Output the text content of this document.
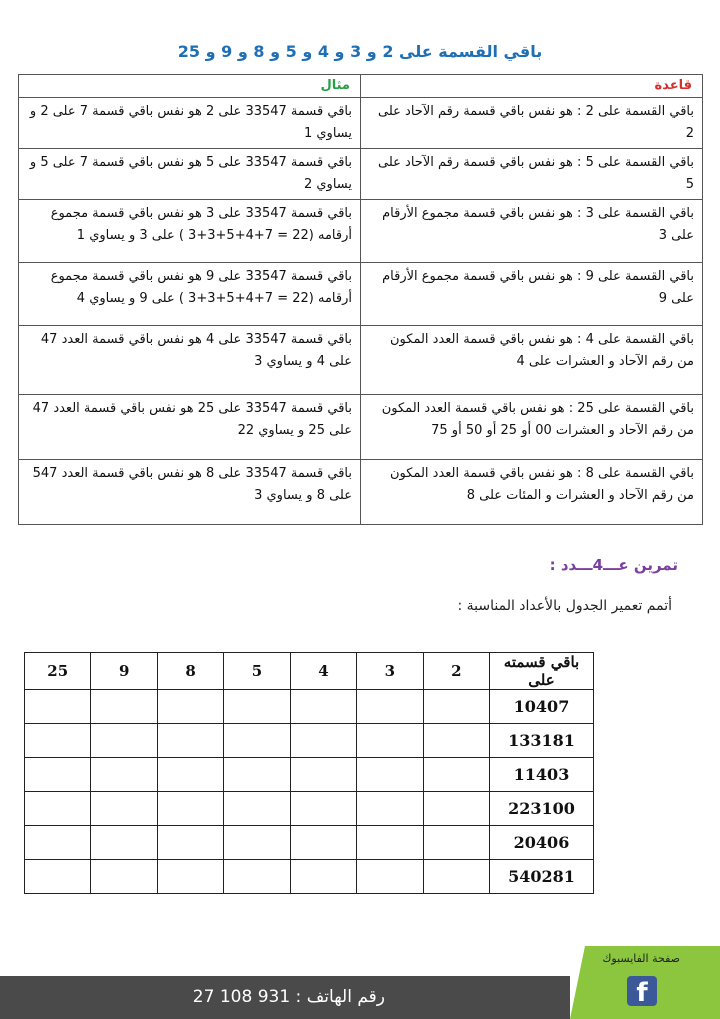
باقي القسمة على 2 و 3 و 4 و 5 و 8 و 9 و 25
قاعدة	مثال
باقي القسمة على 2 : هو نفس باقي قسمة رقم الآحاد على 2	باقي قسمة 33547 على 2 هو نفس باقي قسمة 7 على 2 و يساوي 1
باقي القسمة على 5 : هو نفس باقي قسمة رقم الآحاد على 5	باقي قسمة 33547 على 5 هو نفس باقي قسمة 7 على 5 و يساوي 2
باقي القسمة على 3 : هو نفس باقي قسمة مجموع الأرقام على 3	باقي قسمة 33547 على 3 هو نفس باقي قسمة مجموع أرقامه (22 = 7+4+5+3+3 ) على 3 و يساوي 1
باقي القسمة على 9 : هو نفس باقي قسمة مجموع الأرقام على 9	باقي قسمة 33547 على 9 هو نفس باقي قسمة مجموع أرقامه (22 = 7+4+5+3+3 ) على 9 و يساوي 4
باقي القسمة على 4 : هو نفس باقي قسمة العدد المكون من رقم الآحاد و العشرات على 4	باقي قسمة 33547 على 4 هو نفس باقي قسمة العدد 47 على 4 و يساوي 3
باقي القسمة على 25 : هو نفس باقي قسمة العدد المكون من رقم الآحاد و العشرات 00 أو 25 أو 50 أو 75	باقي قسمة 33547 على 25 هو نفس باقي قسمة العدد 47 على 25 و يساوي 22
باقي القسمة على 8 : هو نفس باقي قسمة العدد المكون من رقم الآحاد و العشرات و المئات على 8	باقي قسمة 33547 على 8 هو نفس باقي قسمة العدد 547 على 8 و يساوي 3
تمرين عـــ4ـــدد :
أتمم تعمير الجدول بالأعداد المناسبة :
باقي قسمته على	2	3	4	5	8	9	25
10407							
133181							
11403							
223100							
20406							
540281							
رقم الهاتف : 931 108 27
صفحة الفايسبوك
f
